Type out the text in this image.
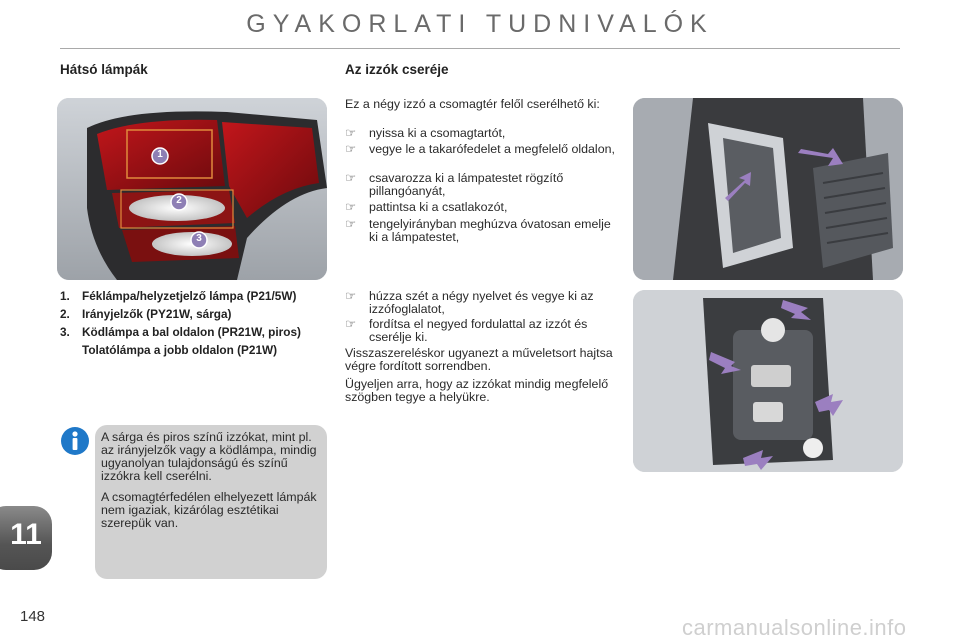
GYAKORLATI TUDNIVALÓK
Hátsó lámpák
1
2
3
1. Féklámpa/helyzetjelző lámpa (P21/5W)
2. Irányjelzők (PY21W, sárga)
3. Ködlámpa a bal oldalon (PR21W, piros)
Tolatólámpa a jobb oldalon (P21W)

A sárga és piros színű izzókat, mint pl. az irányjelzők vagy a ködlámpa, mindig ugyanolyan tulajdonságú és színű izzókra kell cserélni.

A csomagtérfedélen elhelyezett lámpák nem igaziak, kizárólag esztétikai szerepük van.

Az izzók cseréje
Ez a négy izzó a csomagtér felől cserélhető ki:
☞	nyissa ki a csomagtartót,
☞	vegye le a takarófedelet a megfelelő oldalon,
☞	csavarozza ki a lámpatestet rögzítő pillangóanyát,
☞	pattintsa ki a csatlakozót,
☞	tengelyirányban meghúzva óvatosan emelje ki a lámpatestet,
☞	húzza szét a négy nyelvet és vegye ki az izzófoglalatot,
☞	fordítsa el negyed fordulattal az izzót és cserélje ki.
Visszaszereléskor ugyanezt a műveletsort hajtsa végre fordított sorrendben.
Ügyeljen arra, hogy az izzókat mindig megfelelő szögben tegye a helyükre.
11
148	carmanualsonline.info
